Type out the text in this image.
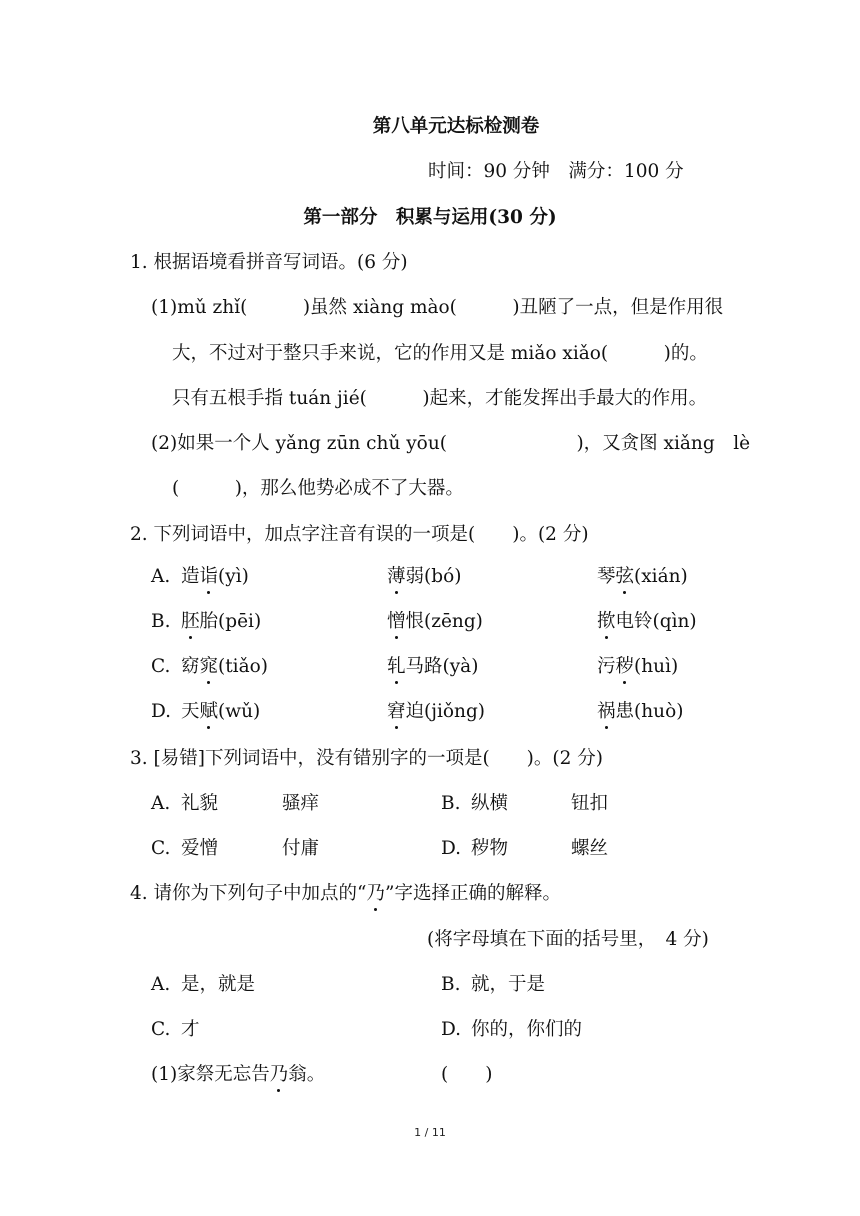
第八单元达标检测卷
时间：90 分钟　满分：100 分
第一部分　积累与运用(30 分)
1. 根据语境看拼音写词语。(6 分)
(1)mǔ zhǐ(　　　)虽然 xiàng mào(　　　)丑陋了一点，但是作用很
大，不过对于整只手来说，它的作用又是 miǎo xiǎo(　　　)的。
只有五根手指 tuán jié(　　　)起来，才能发挥出手最大的作用。
(2)如果一个人 yǎng zūn chǔ yōu(　　　　　　　)，又贪图 xiǎng　lè
(　　　)，那么他势必成不了大器。
2. 下列词语中，加点字注音有误的一项是(　　)。(2 分)
A. 造诣(yì)	薄弱(bó)	琴弦(xián)
B. 胚胎(pēi)	憎恨(zēng)	揿电铃(qìn)
C. 窈窕(tiǎo)	轧马路(yà)	污秽(huì)
D. 天赋(wǔ)	窘迫(jiǒng)	祸患(huò)
3. [易错]下列词语中，没有错别字的一项是(　　)。(2 分)
A. 礼貌	骚痒	B. 纵横	钮扣
C. 爱憎	付庸	D. 秽物	螺丝
4. 请你为下列句子中加点的“乃”字选择正确的解释。
(将字母填在下面的括号里，　4 分)
A. 是，就是	B. 就，于是
C. 才	D. 你的，你们的
(1)家祭无忘告乃翁。	(　　)
1 / 11
